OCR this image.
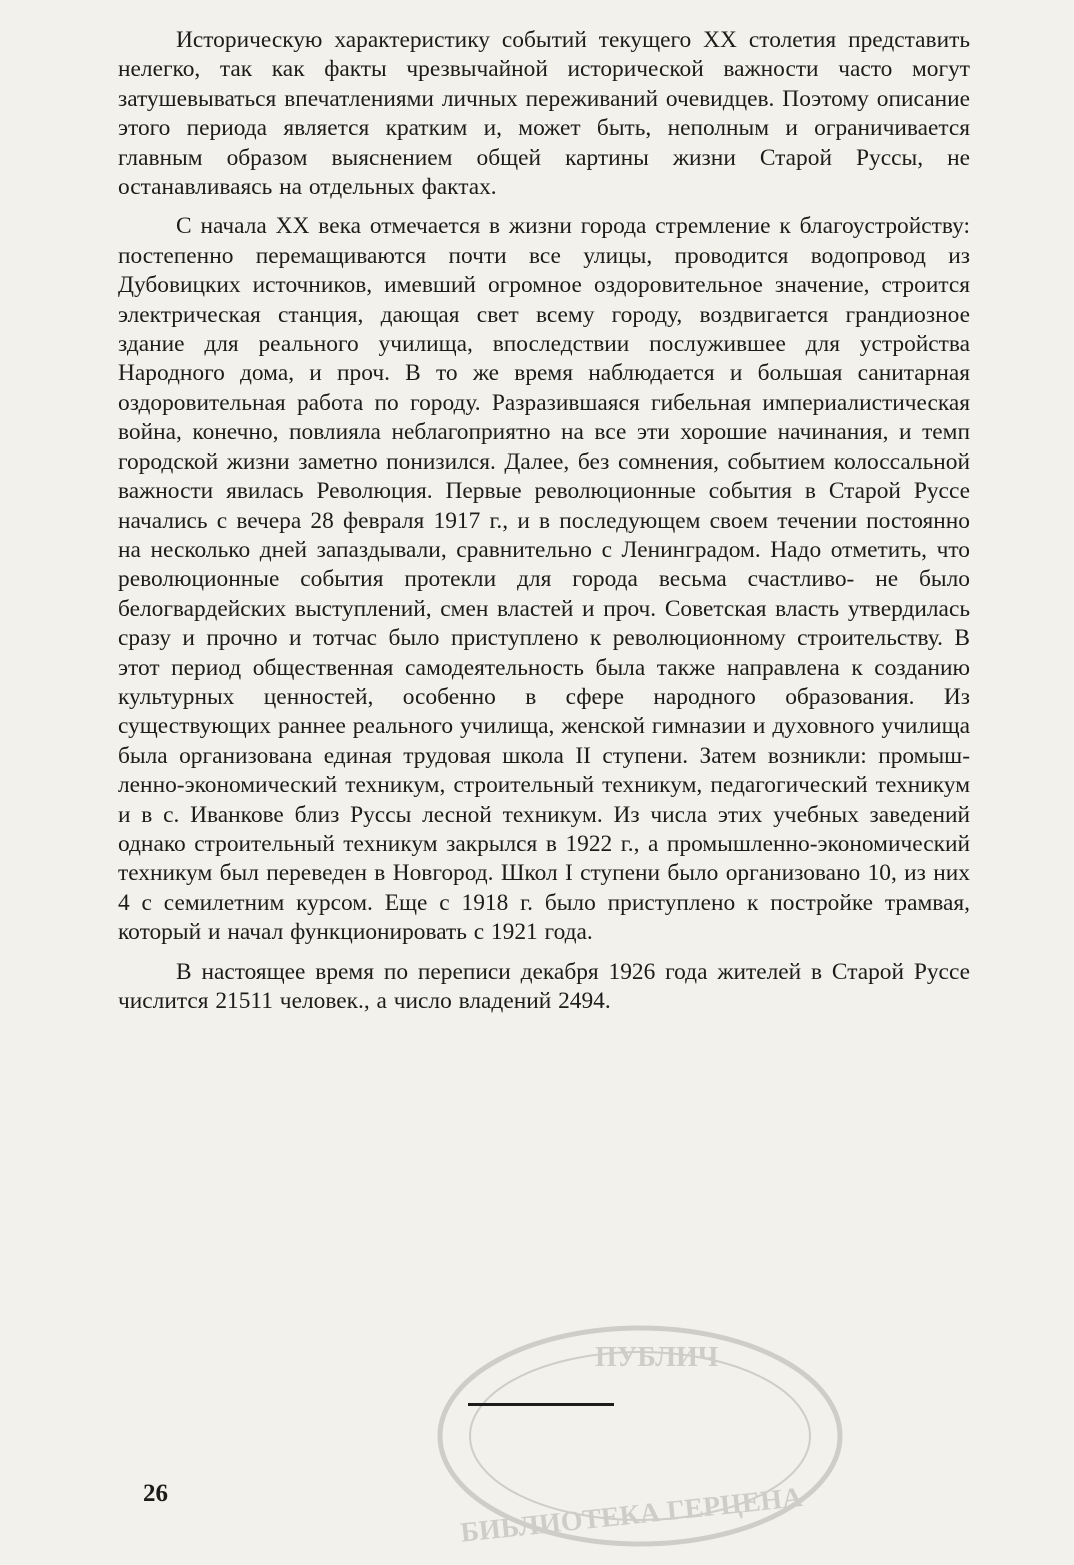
Историческую характеристику событий текущего XX столетия представить нелегко, так как факты чрезвычайной исторической важности часто могут затушевываться впечатлениями личных переживаний очевидцев. Поэтому описание этого периода является кратким и, может быть, неполным и ограничивается главным образом выяснением общей картины жизни Старой Руссы, не останавливаясь на отдельных фактах.

С начала XX века отмечается в жизни города стремление к благоустройству: постепенно перемащиваются почти все улицы, проводится водопровод из Дубовицких источников, имевший огромное оздоровительное значение, строится электрическая станция, дающая свет всему городу, воздвигается грандиозное здание для реального училища, впоследствии послужившее для устройства Народного дома, и проч. В то же время наблюдается и большая санитарная оздоровительная работа по городу. Разразившаяся гибельная империалистическая война, конечно, повлияла неблагоприятно на все эти хорошие начинания, и темп городской жизни заметно понизился. Далее, без сомнения, событием колоссальной важности явилась Революция. Первые революционные события в Старой Руссе начались с вечера 28 февраля 1917 г., и в последующем своем течении постоянно на несколько дней запаздывали, сравнительно с Ленинградом. Надо отметить, что революционные события протекли для города весьма счастливо- не было белогвардейских выступлений, смен властей и проч. Советская власть утвердилась сразу и прочно и тотчас было приступлено к революционному строительству. В этот период общественная самодеятельность была также направлена к созданию культурных ценностей, особенно в сфере народного образования. Из существующих раннее реального училища, женской гимназии и духовного училища была организована единая трудовая школа II ступени. Затем возникли: промышленно-экономический техникум, строительный техникум, педагогический техникум и в с. Иванкове близ Руссы лесной техникум. Из числа этих учебных заведений однако строительный техникум закрылся в 1922 г., а промышленно-экономический техникум был переведен в Новгород. Школ I ступени было организовано 10, из них 4 с семилетним курсом. Еще с 1918 г. было приступлено к постройке трамвая, который и начал функционировать с 1921 года.

В настоящее время по переписи декабря 1926 года жителей в Старой Руссе числится 21511 человек., а число владений 2494.

ПУБЛИЧ
БИБЛИОТЕКА ГЕРЦЕНА
26
